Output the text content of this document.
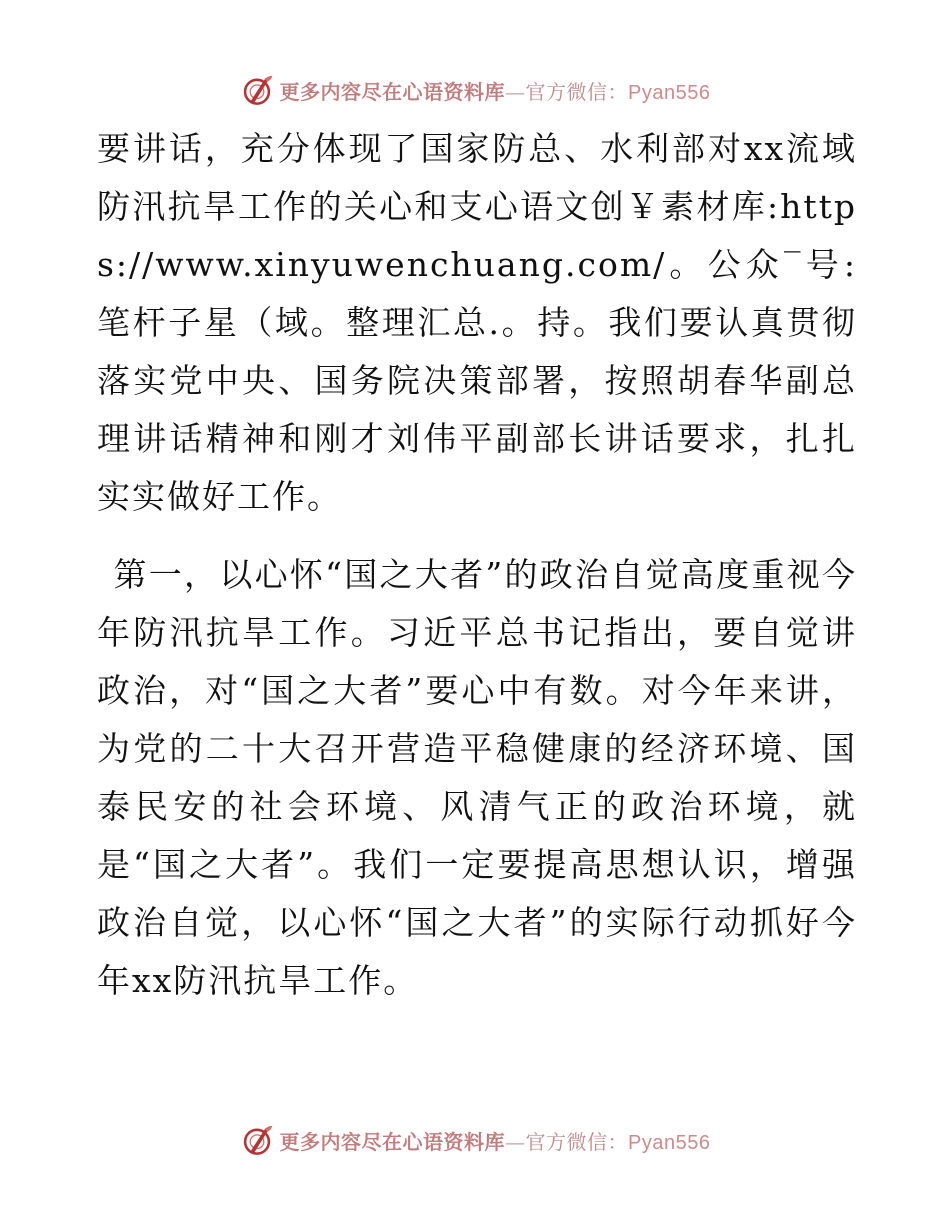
更多内容尽在心语资料库—官方微信：Pyan556

要讲话，充分体现了国家防总、水利部对xx流域防汛抗旱工作的关心和支心语文创￥素材库:https://www.xinyuwenchuang.com/。公众‾号:笔杆子星（域。整理汇总.。持。我们要认真贯彻落实党中央、国务院决策部署，按照胡春华副总理讲话精神和刚才刘伟平副部长讲话要求，扎扎实实做好工作。

第一，以心怀“国之大者”的政治自觉高度重视今年防汛抗旱工作。习近平总书记指出，要自觉讲政治，对“国之大者”要心中有数。对今年来讲，为党的二十大召开营造平稳健康的经济环境、国泰民安的社会环境、风清气正的政治环境，就是“国之大者”。我们一定要提高思想认识，增强政治自觉，以心怀“国之大者”的实际行动抓好今年xx防汛抗旱工作。

更多内容尽在心语资料库—官方微信：Pyan556
